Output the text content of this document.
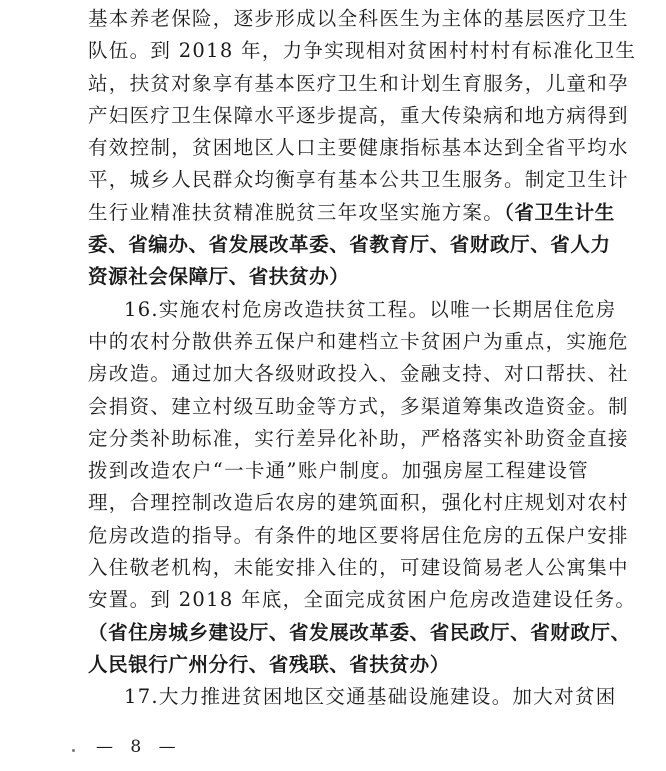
基本养老保险，逐步形成以全科医生为主体的基层医疗卫生
队伍。到 2018 年，力争实现相对贫困村村村有标准化卫生
站，扶贫对象享有基本医疗卫生和计划生育服务，儿童和孕
产妇医疗卫生保障水平逐步提高，重大传染病和地方病得到
有效控制，贫困地区人口主要健康指标基本达到全省平均水
平，城乡人民群众均衡享有基本公共卫生服务。制定卫生计
生行业精准扶贫精准脱贫三年攻坚实施方案。（省卫生计生
委、省编办、省发展改革委、省教育厅、省财政厅、省人力
资源社会保障厅、省扶贫办）
16.实施农村危房改造扶贫工程。以唯一长期居住危房
中的农村分散供养五保户和建档立卡贫困户为重点，实施危
房改造。通过加大各级财政投入、金融支持、对口帮扶、社
会捐资、建立村级互助金等方式，多渠道筹集改造资金。制
定分类补助标准，实行差异化补助，严格落实补助资金直接
拨到改造农户“一卡通”账户制度。加强房屋工程建设管
理，合理控制改造后农房的建筑面积，强化村庄规划对农村
危房改造的指导。有条件的地区要将居住危房的五保户安排
入住敬老机构，未能安排入住的，可建设简易老人公寓集中
安置。到 2018 年底，全面完成贫困户危房改造建设任务。
（省住房城乡建设厅、省发展改革委、省民政厅、省财政厅、
人民银行广州分行、省残联、省扶贫办）
17.大力推进贫困地区交通基础设施建设。加大对贫困
— 8 —
